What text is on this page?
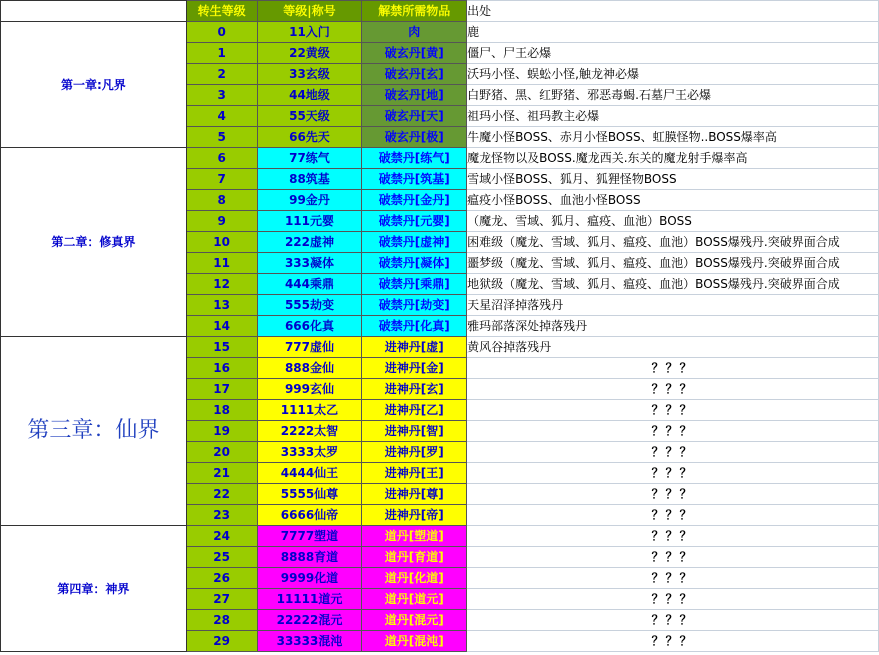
	转生等级	等级|称号	解禁所需物品	出处
第一章:凡界	0	11入门	肉	鹿
	1	22黄级	破玄丹[黄]	僵尸、尸王必爆
	2	33玄级	破玄丹[玄]	沃玛小怪、蜈蚣小怪,触龙神必爆
	3	44地级	破玄丹[地]	白野猪、黑、红野猪、邪恶毒蝎.石墓尸王必爆
	4	55天级	破玄丹[天]	祖玛小怪、祖玛教主必爆
	5	66先天	破玄丹[极]	牛魔小怪BOSS、赤月小怪BOSS、虹膜怪物..BOSS爆率高
第二章：修真界	6	77练气	破禁丹[练气]	魔龙怪物以及BOSS.魔龙西关.东关的魔龙射手爆率高
	7	88筑基	破禁丹[筑基]	雪域小怪BOSS、狐月、狐狸怪物BOSS
	8	99金丹	破禁丹[金丹]	瘟疫小怪BOSS、血池小怪BOSS
	9	111元婴	破禁丹[元婴]	（魔龙、雪域、狐月、瘟疫、血池）BOSS
	10	222虚神	破禁丹[虚神]	困难级（魔龙、雪域、狐月、瘟疫、血池）BOSS爆残丹.突破界面合成
	11	333凝体	破禁丹[凝体]	噩梦级（魔龙、雪域、狐月、瘟疫、血池）BOSS爆残丹.突破界面合成
	12	444乘鼎	破禁丹[乘鼎]	地狱级（魔龙、雪域、狐月、瘟疫、血池）BOSS爆残丹.突破界面合成
	13	555劫变	破禁丹[劫变]	天星沼泽掉落残丹
	14	666化真	破禁丹[化真]	雅玛部落深处掉落残丹
第三章：仙界	15	777虚仙	进神丹[虚]	黄风谷掉落残丹
	16	888金仙	进神丹[金]	？？？
	17	999玄仙	进神丹[玄]	？？？
	18	1111太乙	进神丹[乙]	？？？
	19	2222太智	进神丹[智]	？？？
	20	3333太罗	进神丹[罗]	？？？
	21	4444仙王	进神丹[王]	？？？
	22	5555仙尊	进神丹[尊]	？？？
	23	6666仙帝	进神丹[帝]	？？？
第四章：神界	24	7777塑道	道丹[塑道]	？？？
	25	8888育道	道丹[育道]	？？？
	26	9999化道	道丹[化道]	？？？
	27	11111道元	道丹[道元]	？？？
	28	22222混元	道丹[混元]	？？？
	29	33333混沌	道丹[混沌]	？？？
